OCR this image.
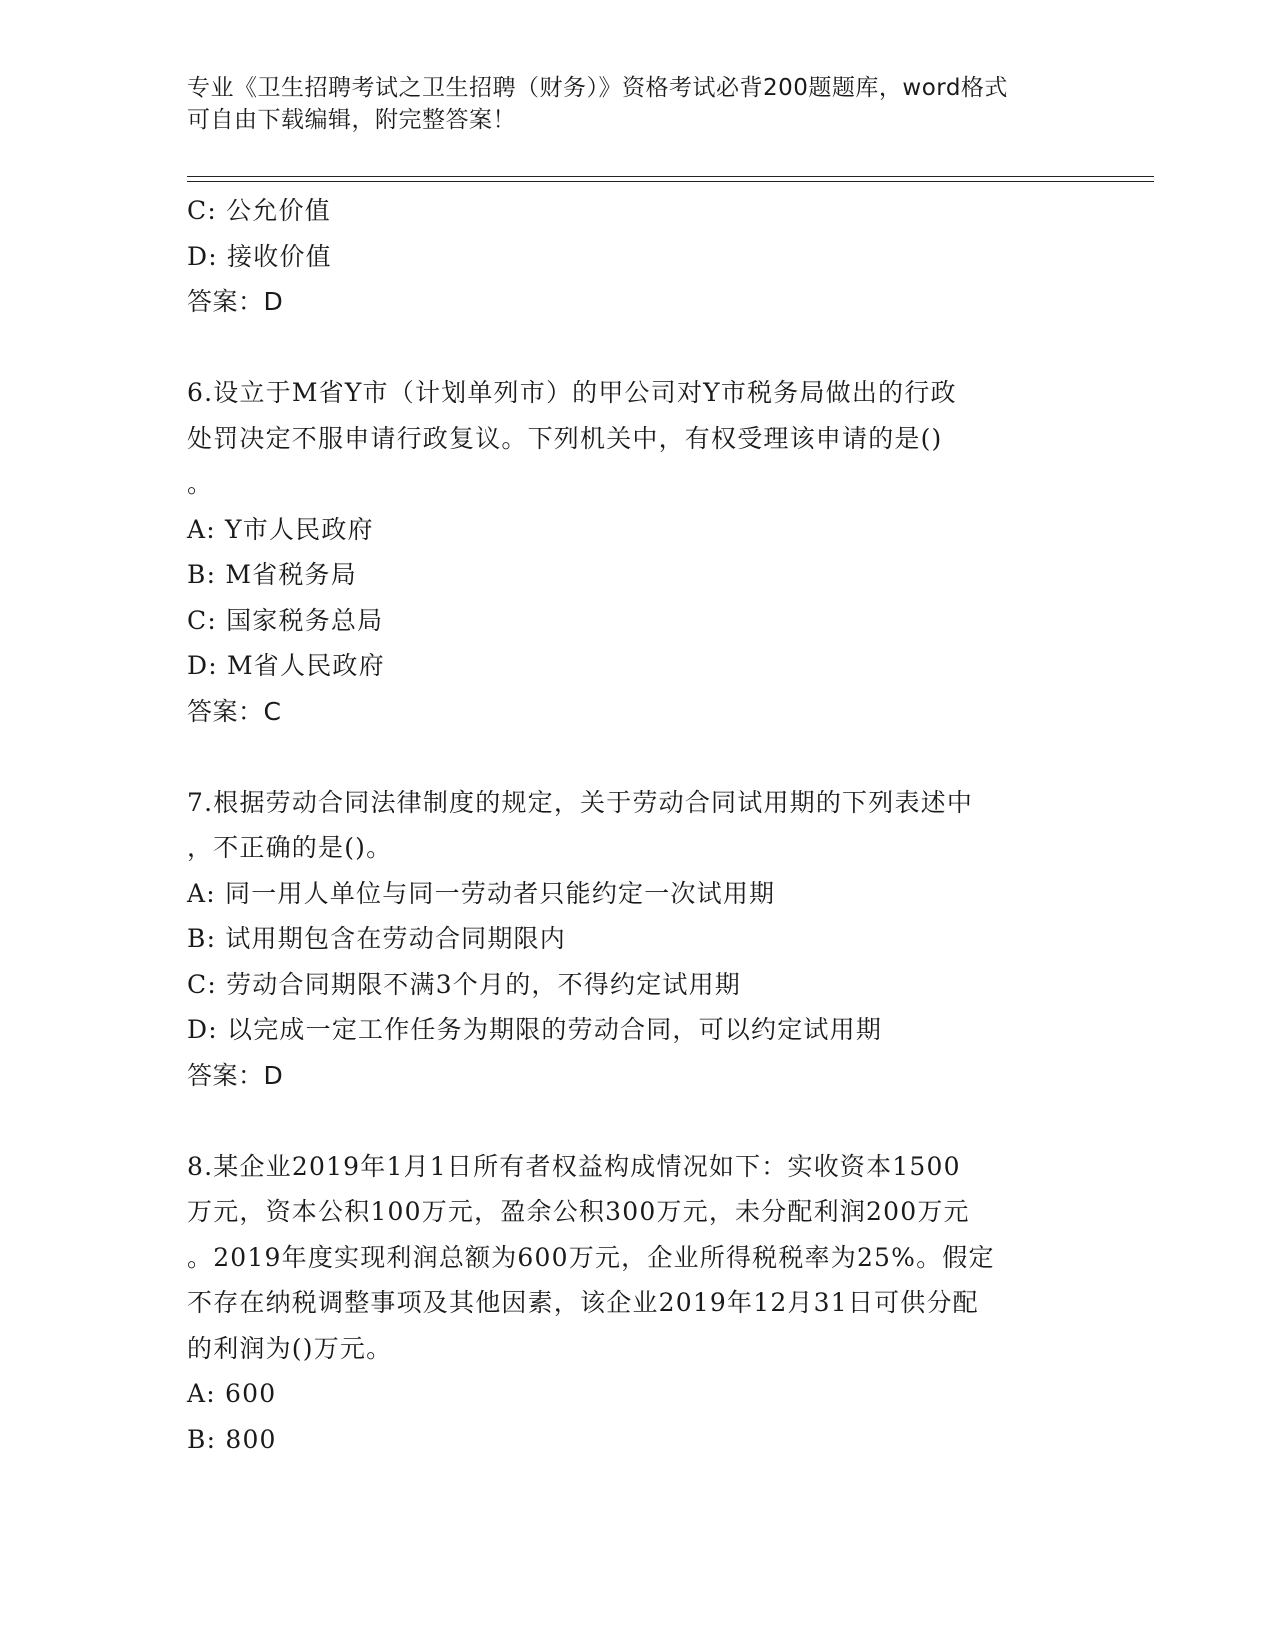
专业《卫生招聘考试之卫生招聘（财务）》资格考试必背200题题库，word格式
可自由下载编辑，附完整答案！
C: 公允价值
D: 接收价值
答案：D
6.设立于M省Y市（计划单列市）的甲公司对Y市税务局做出的行政
处罚决定不服申请行政复议。下列机关中，有权受理该申请的是()
。
A: Y市人民政府
B: M省税务局
C: 国家税务总局
D: M省人民政府
答案：C
7.根据劳动合同法律制度的规定，关于劳动合同试用期的下列表述中
，不正确的是()。
A: 同一用人单位与同一劳动者只能约定一次试用期
B: 试用期包含在劳动合同期限内
C: 劳动合同期限不满3个月的，不得约定试用期
D: 以完成一定工作任务为期限的劳动合同，可以约定试用期
答案：D
8.某企业2019年1月1日所有者权益构成情况如下：实收资本1500
万元，资本公积100万元，盈余公积300万元，未分配利润200万元
。2019年度实现利润总额为600万元，企业所得税税率为25%。假定
不存在纳税调整事项及其他因素，该企业2019年12月31日可供分配
的利润为()万元。
A: 600
B: 800
